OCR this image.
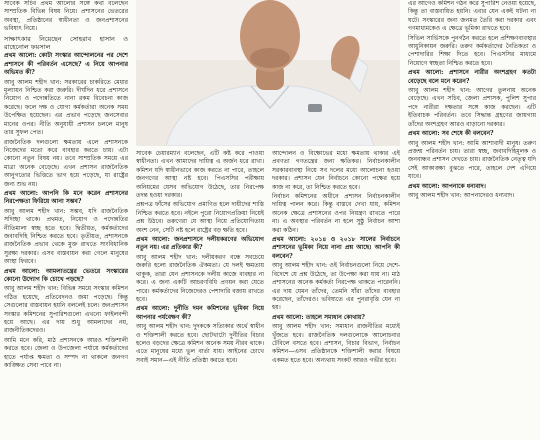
সাবেক সচিব প্রথম আলোর সঙ্গে কথা বলেছেন সাম্প্রতিক বিভিন্ন বিষয় নিয়ে। প্রশাসনের ভেতরের অবস্থা, প্রতিষ্ঠানের স্বাধীনতা ও জনপ্রশাসনের ভবিষ্যৎ নিয়ে।

সাক্ষাৎকার নিয়েছেন সোহরাব হাসান ও রাহেনোল ফয়সাল

প্রথম আলো: কোটা সংস্কার আন্দোলনের পর দেশে প্রশাসনে কী পরিবর্তন এসেছে? এ নিয়ে আপনার অভিমত কী?

আবু আলম শহীদ খান: সরকারের চাকরিতে মেধার মূল্যায়ন নিশ্চিত করা জরুরি। দীর্ঘদিন ধরে প্রশাসনে নিয়োগ ও পদোন্নতিতে নানা রকম বিবেচনা কাজ করেছে। ফলে দক্ষ ও যোগ্য কর্মকর্তারা অনেক সময় উপেক্ষিত হয়েছেন। এর প্রভাব পড়েছে জনসেবার মানের ওপর। নীতি অনুযায়ী প্রশাসন চললে মানুষ তার সুফল পেত।

রাজনৈতিক দলগুলো ক্ষমতায় এলে প্রশাসনকে নিজেদের মতো করে ব্যবহার করতে চায়। এটা কোনো নতুন বিষয় নয়। তবে সাম্প্রতিক সময়ে এর মাত্রা অনেক বেড়েছে। এখন প্রশাসন রাজনৈতিক আনুগত্যের ভিত্তিতে ভাগ হয়ে পড়েছে, যা রাষ্ট্রের জন্য শুভ নয়।

প্রথম আলো: আপনি কি মনে করেন প্রশাসনের নিরপেক্ষতা ফিরিয়ে আনা সম্ভব?

আবু আলম শহীদ খান: সম্ভব, যদি রাজনৈতিক সদিচ্ছা থাকে। প্রথমত, নিয়োগ ও পদোন্নতির নীতিমালা স্বচ্ছ হতে হবে। দ্বিতীয়ত, কর্মকর্তাদের জবাবদিহি নিশ্চিত করতে হবে। তৃতীয়ত, প্রশাসনকে রাজনৈতিক প্রভাব থেকে মুক্ত রাখতে সাংবিধানিক সুরক্ষা দরকার। এসব বাস্তবায়ন করা গেলে মানুষের আস্থা ফিরবে।

প্রথম আলো: আমলাতন্ত্রের ভেতরে সংস্কারের কোনো উদ্যোগ কি চোখে পড়ছে?

আবু আলম শহীদ খান: বিভিন্ন সময়ে সংস্কার কমিশন গঠিত হয়েছে, প্রতিবেদনও জমা পড়েছে। কিন্তু সেগুলোর বাস্তবায়ন হয়নি বললেই চলে। জনপ্রশাসন সংস্কার কমিশনের সুপারিশগুলো এখনো ফাইলবন্দী হয়ে আছে। এর দায় শুধু আমলাদের নয়, রাজনীতিকদেরও।

আমি মনে করি, মাঠ প্রশাসনকে আরও শক্তিশালী করতে হবে। জেলা ও উপজেলা পর্যায়ে কর্মকর্তাদের হাতে পর্যাপ্ত ক্ষমতা ও সম্পদ না থাকলে জনগণ কাঙ্ক্ষিত সেবা পাবে না।

সাবেক চেয়ারম্যান বলেছেন, এটি কষ্ট করে পাওয়া স্বাধীনতা। এখন আমাদের দায়িত্ব এ অর্জন ধরে রাখা। কমিশন যদি স্বাধীনভাবে কাজ করতে না পারে, তাহলে জনগণের আস্থা নষ্ট হবে। পিএসসির পরীক্ষায় অনিয়মের যেসব অভিযোগ উঠেছে, তার নিরপেক্ষ তদন্ত হওয়া দরকার।

প্রশ্নপত্র ফাঁসের অভিযোগ প্রমাণিত হলে দায়ীদের শাস্তি নিশ্চিত করতে হবে। নইলে পুরো নিয়োগপ্রক্রিয়া নিয়েই প্রশ্ন উঠবে। তরুণেরা যে আস্থা নিয়ে প্রতিযোগিতায় অংশ নেন, সেটি নষ্ট হলে রাষ্ট্রের বড় ক্ষতি হবে।

প্রথম আলো: জনপ্রশাসনে দলীয়করণের অভিযোগ নতুন নয়। এর প্রতিকার কী?

আবু আলম শহীদ খান: দলীয়করণ বন্ধে সবচেয়ে জরুরি হলো রাজনৈতিক ঐকমত্য। যে দলই ক্ষমতায় থাকুক, তারা যেন প্রশাসনকে দলীয় কাজে ব্যবহার না করে। এ জন্য একটি আচরণবিধি প্রণয়ন করা যেতে পারে। কর্মকর্তাদের নিজেদেরও পেশাদারি বজায় রাখতে হবে।

প্রথম আলো: দুর্নীতি দমন কমিশনের ভূমিকা নিয়ে আপনার পর্যবেক্ষণ কী?

আবু আলম শহীদ খান: দুদককে সত্যিকার অর্থে স্বাধীন ও শক্তিশালী করতে হবে। ছোটখাটো দুর্নীতির বিচার হলেও বড়দের ক্ষেত্রে কমিশন অনেক সময় নীরব থাকে। এতে মানুষের মধ্যে ভুল বার্তা যায়। আইনের চোখে সবাই সমান—এই নীতি প্রতিষ্ঠা করতে হবে।

আন্দোলন ও বিক্ষোভের মধ্যে ক্ষমতায় থাকার এই প্রবণতা গণতন্ত্রের জন্য ক্ষতিকর। নির্বাচনকালীন সরকারব্যবস্থা নিয়ে সব দলের মধ্যে আলোচনা হওয়া দরকার। প্রশাসন যেন নির্বাচনে কোনো পক্ষের হয়ে কাজ না করে, তা নিশ্চিত করতে হবে।

নির্বাচন কমিশনের অধীনে প্রশাসন নির্বাচনকালীন দায়িত্ব পালন করে। কিন্তু বাস্তবে দেখা যায়, কমিশন অনেক ক্ষেত্রে প্রশাসনের ওপর নিয়ন্ত্রণ রাখতে পারে না। এ অবস্থার পরিবর্তন না হলে সুষ্ঠু নির্বাচন আশা করা কঠিন।

প্রথম আলো: ২০১৪ ও ২০১৮ সালের নির্বাচনে প্রশাসনের ভূমিকা নিয়ে নানা প্রশ্ন আছে। আপনি কী বলবেন?

আবু আলম শহীদ খান: ওই নির্বাচনগুলো নিয়ে দেশে-বিদেশে যে প্রশ্ন উঠেছে, তা উপেক্ষা করা যায় না। মাঠ প্রশাসনের অনেক কর্মকর্তা নিরপেক্ষ থাকতে পারেননি। এর দায় যেমন তাঁদের, তেমনি যাঁরা তাঁদের ব্যবহার করেছেন, তাঁদেরও। ভবিষ্যতে এর পুনরাবৃত্তি যেন না হয়।

প্রথম আলো: তাহলে সমাধান কোথায়?

আবু আলম শহীদ খান: সমাধান রাজনীতির মধ্যেই খুঁজতে হবে। রাজনৈতিক দলগুলোকে আলোচনার টেবিলে বসতে হবে। প্রশাসন, বিচার বিভাগ, নির্বাচন কমিশন—এসব প্রতিষ্ঠানকে শক্তিশালী করার বিষয়ে একমত হতে হবে। অন্যথায় সংকট আরও গভীর হবে।

এর আগেও কমিশন গঠন করে সুপারিশ নেওয়া হয়েছে, কিন্তু তা বাস্তবায়িত হয়নি। এবার যেন একই ঘটনা না ঘটে। সংস্কারের জন্য জনমত তৈরি করা দরকার এবং গণমাধ্যমকেও এ ক্ষেত্রে ভূমিকা রাখতে হবে।

সিভিল সার্ভিসকে পুনর্গঠন করতে হলে প্রশিক্ষণব্যবস্থার আধুনিকায়ন জরুরি। তরুণ কর্মকর্তাদের নৈতিকতা ও পেশাদারির শিক্ষা দিতে হবে। পিএসসির মাধ্যমে নিয়োগে স্বচ্ছতা নিশ্চিত করতে হবে।

প্রথম আলো: প্রশাসনে নারীর অংশগ্রহণ কতটা বেড়েছে বলে মনে করেন?

আবু আলম শহীদ খান: আগের তুলনায় অনেক বেড়েছে। এখন সচিব, জেলা প্রশাসক, পুলিশ সুপার পদে নারীরা দক্ষতার সঙ্গে কাজ করছেন। এটি ইতিবাচক পরিবর্তন। তবে সিদ্ধান্ত গ্রহণের জায়গায় তাঁদের অংশগ্রহণ আরও বাড়ানো দরকার।

প্রথম আলো: সব শেষে কী বলবেন?

আবু আলম শহীদ খান: আমি আশাবাদী মানুষ। তরুণ প্রজন্ম পরিবর্তন চায়। তারা স্বচ্ছ, জবাবদিহিমূলক ও জনবান্ধব প্রশাসন দেখতে চায়। রাজনৈতিক নেতৃত্ব যদি সেই আকাঙ্ক্ষা বুঝতে পারে, তাহলে দেশ এগিয়ে যাবে।

প্রথম আলো: আপনাকে ধন্যবাদ।

আবু আলম শহীদ খান: আপনাদেরও ধন্যবাদ।
